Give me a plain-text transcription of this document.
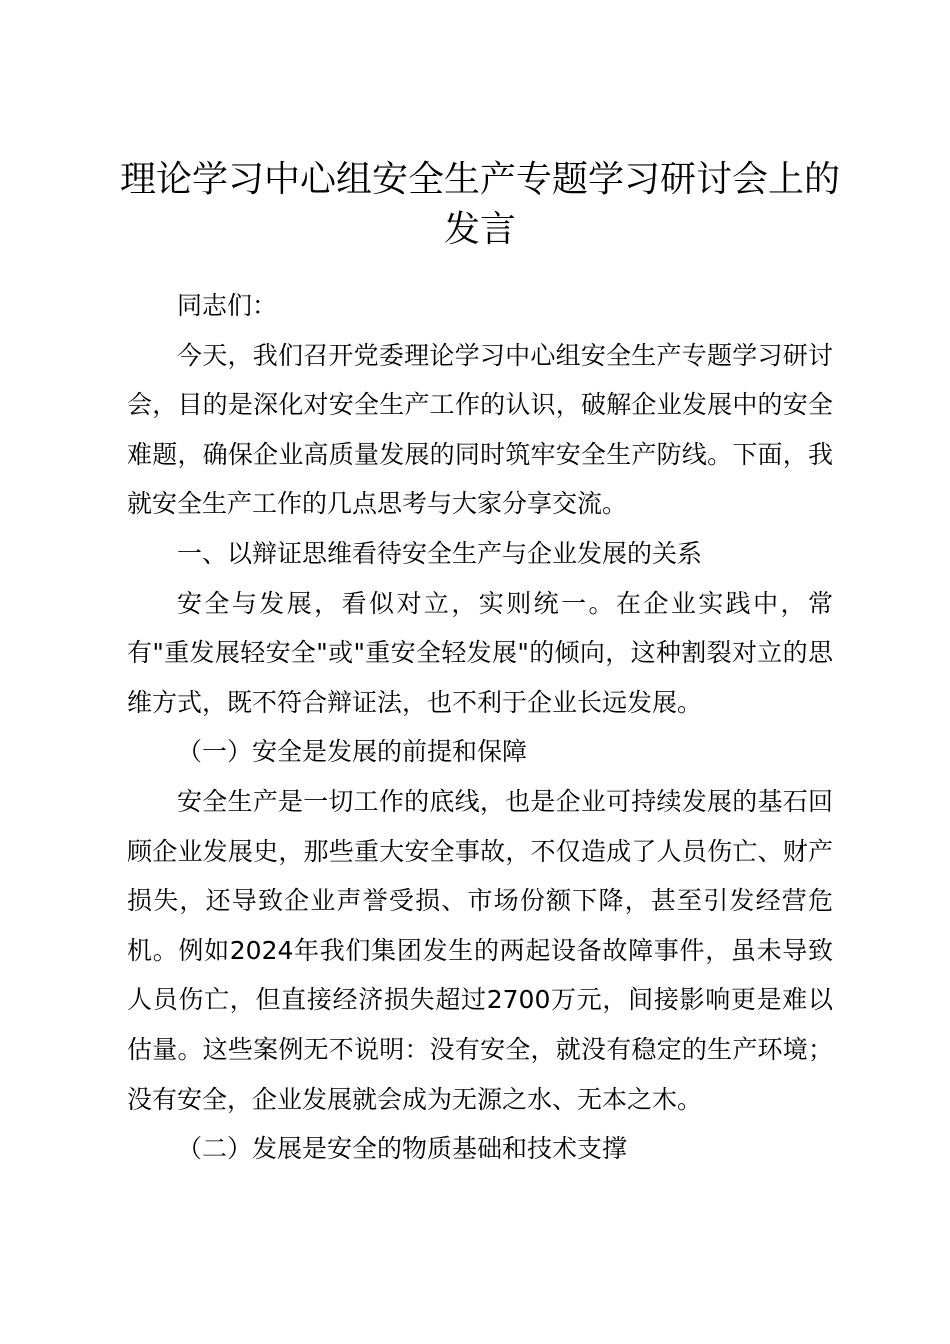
理论学习中心组安全生产专题学习研讨会上的发言

同志们：

今天，我们召开党委理论学习中心组安全生产专题学习研讨会，目的是深化对安全生产工作的认识，破解企业发展中的安全难题，确保企业高质量发展的同时筑牢安全生产防线。下面，我就安全生产工作的几点思考与大家分享交流。

一、以辩证思维看待安全生产与企业发展的关系

安全与发展，看似对立，实则统一。在企业实践中，常有"重发展轻安全"或"重安全轻发展"的倾向，这种割裂对立的思维方式，既不符合辩证法，也不利于企业长远发展。

（一）安全是发展的前提和保障

安全生产是一切工作的底线，也是企业可持续发展的基石回顾企业发展史，那些重大安全事故，不仅造成了人员伤亡、财产损失，还导致企业声誉受损、市场份额下降，甚至引发经营危机。例如2024年我们集团发生的两起设备故障事件，虽未导致人员伤亡，但直接经济损失超过2700万元，间接影响更是难以估量。这些案例无不说明：没有安全，就没有稳定的生产环境；没有安全，企业发展就会成为无源之水、无本之木。

（二）发展是安全的物质基础和技术支撑
